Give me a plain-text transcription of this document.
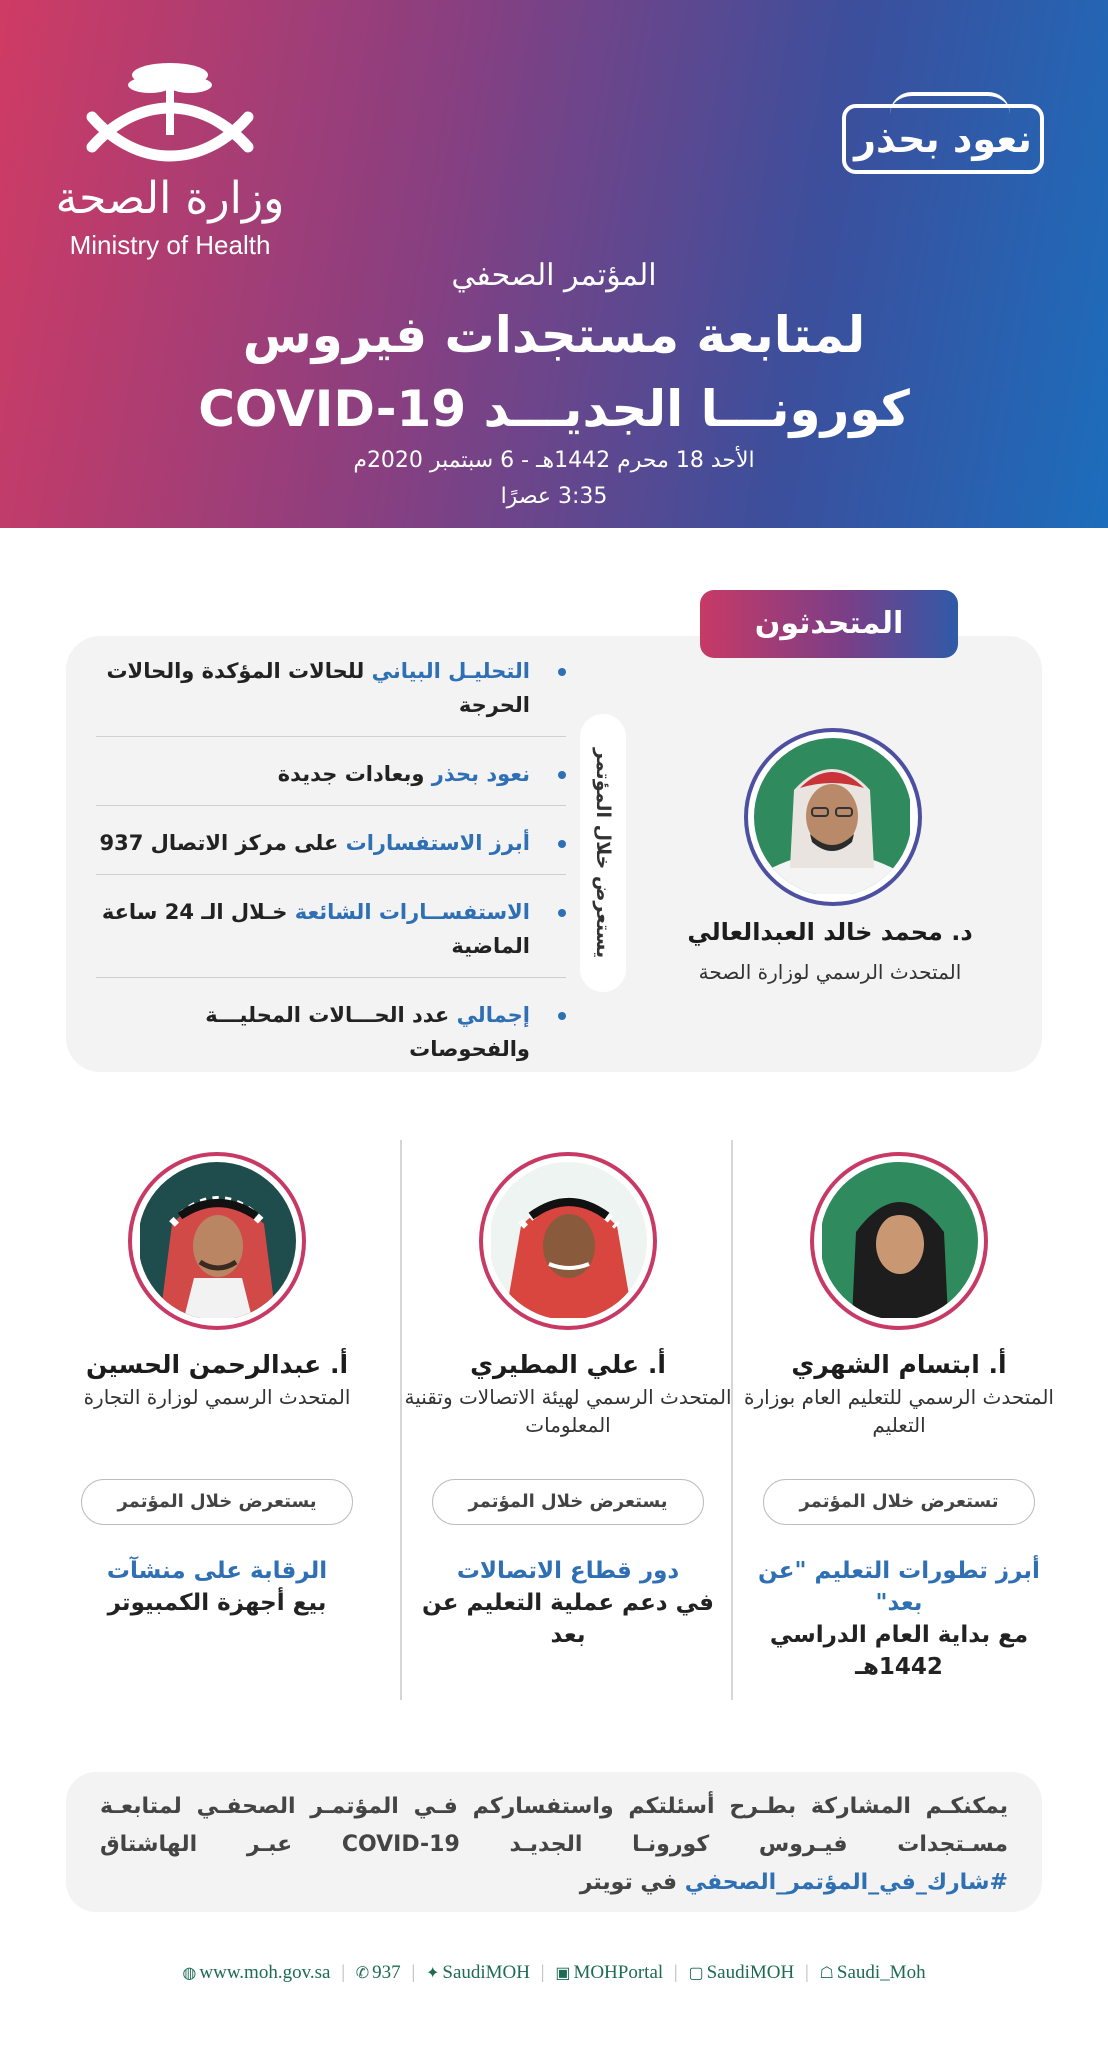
وزارة الصحة
Ministry of Health
نعود بحذر
المؤتمر الصحفي
لمتابعة مستجدات فيروس
كورونـــا الجديـــد COVID-19
الأحد 18 محرم 1442هـ - 6 سبتمبر 2020م
3:35 عصرًا
المتحدثون
التحليـل البياني للحالات المؤكدة والحالات الحرجة
نعود بحذر وبعادات جديدة
أبرز الاستفسارات على مركز الاتصال 937
الاستفســارات الشائعة خـلال الـ 24 ساعة الماضية
إجمالي عدد الحـــالات المحليـــة والفحوصات
يستعرض خلال المؤتمر	د. محمد خالد العبدالعالي
المتحدث الرسمي لوزارة الصحة
أ. ابتسام الشهري
المتحدث الرسمي للتعليم العام بوزارة التعليم
تستعرض خلال المؤتمر
أبرز تطورات التعليم "عن بعد"
مع بداية العام الدراسي 1442هـ
أ. علي المطيري
المتحدث الرسمي لهيئة الاتصالات وتقنية المعلومات
يستعرض خلال المؤتمر
دور قطاع الاتصالات
في دعم عملية التعليم عن بعد
أ. عبدالرحمن الحسين
المتحدث الرسمي لوزارة التجارة
يستعرض خلال المؤتمر
الرقابة على منشآت
بيع أجهزة الكمبيوتر
يمكنكـم المشاركة بطـرح أسئلتكم واستفساركم فـي المؤتمـر الصحفـي لمتابعـة مسـتجدات فيـروس كورونـا الجديـد COVID-19 عبـر الهاشتاق #شارك_في_المؤتمر_الصحفي في تويتر
◍ www.moh.gov.sa | ✆ 937 | ✦ SaudiMOH | ▣ MOHPortal | ▢ SaudiMOH | ☖ Saudi_Moh
